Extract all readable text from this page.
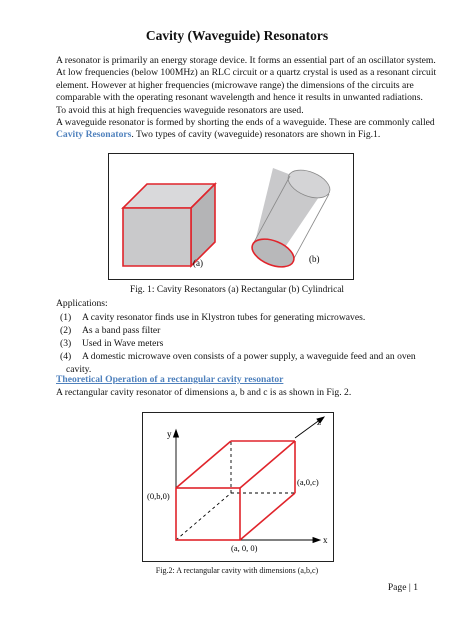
Cavity (Waveguide) Resonators
A resonator is primarily an energy storage device. It forms an essential part of an oscillator system.
At low frequencies (below 100MHz) an RLC circuit or a quartz crystal is used as a resonant circuit
element. However at higher frequencies (microwave range) the dimensions of the circuits are
comparable with the operating resonant wavelength and hence it results in unwanted radiations.
To avoid this at high frequencies waveguide resonators are used.
A waveguide resonator is formed by shorting the ends of a waveguide. These are commonly called
Cavity Resonators. Two types of cavity (waveguide) resonators are shown in Fig.1.
(a)	(b)
Fig. 1: Cavity Resonators (a) Rectangular (b) Cylindrical
Applications:
(1) A cavity resonator finds use in Klystron tubes for generating microwaves.
(2) As a band pass filter
(3) Used in Wave meters
(4) A domestic microwave oven consists of a power supply, a waveguide feed and an oven
cavity.
Theoretical Operation of a rectangular cavity resonator
A rectangular cavity resonator of dimensions a, b and c is as shown in Fig. 2.
y
z
x
(0,b,0)
(a,0,c)
(a, 0, 0)
Fig.2: A rectangular cavity with dimensions (a,b,c)
Page | 1
